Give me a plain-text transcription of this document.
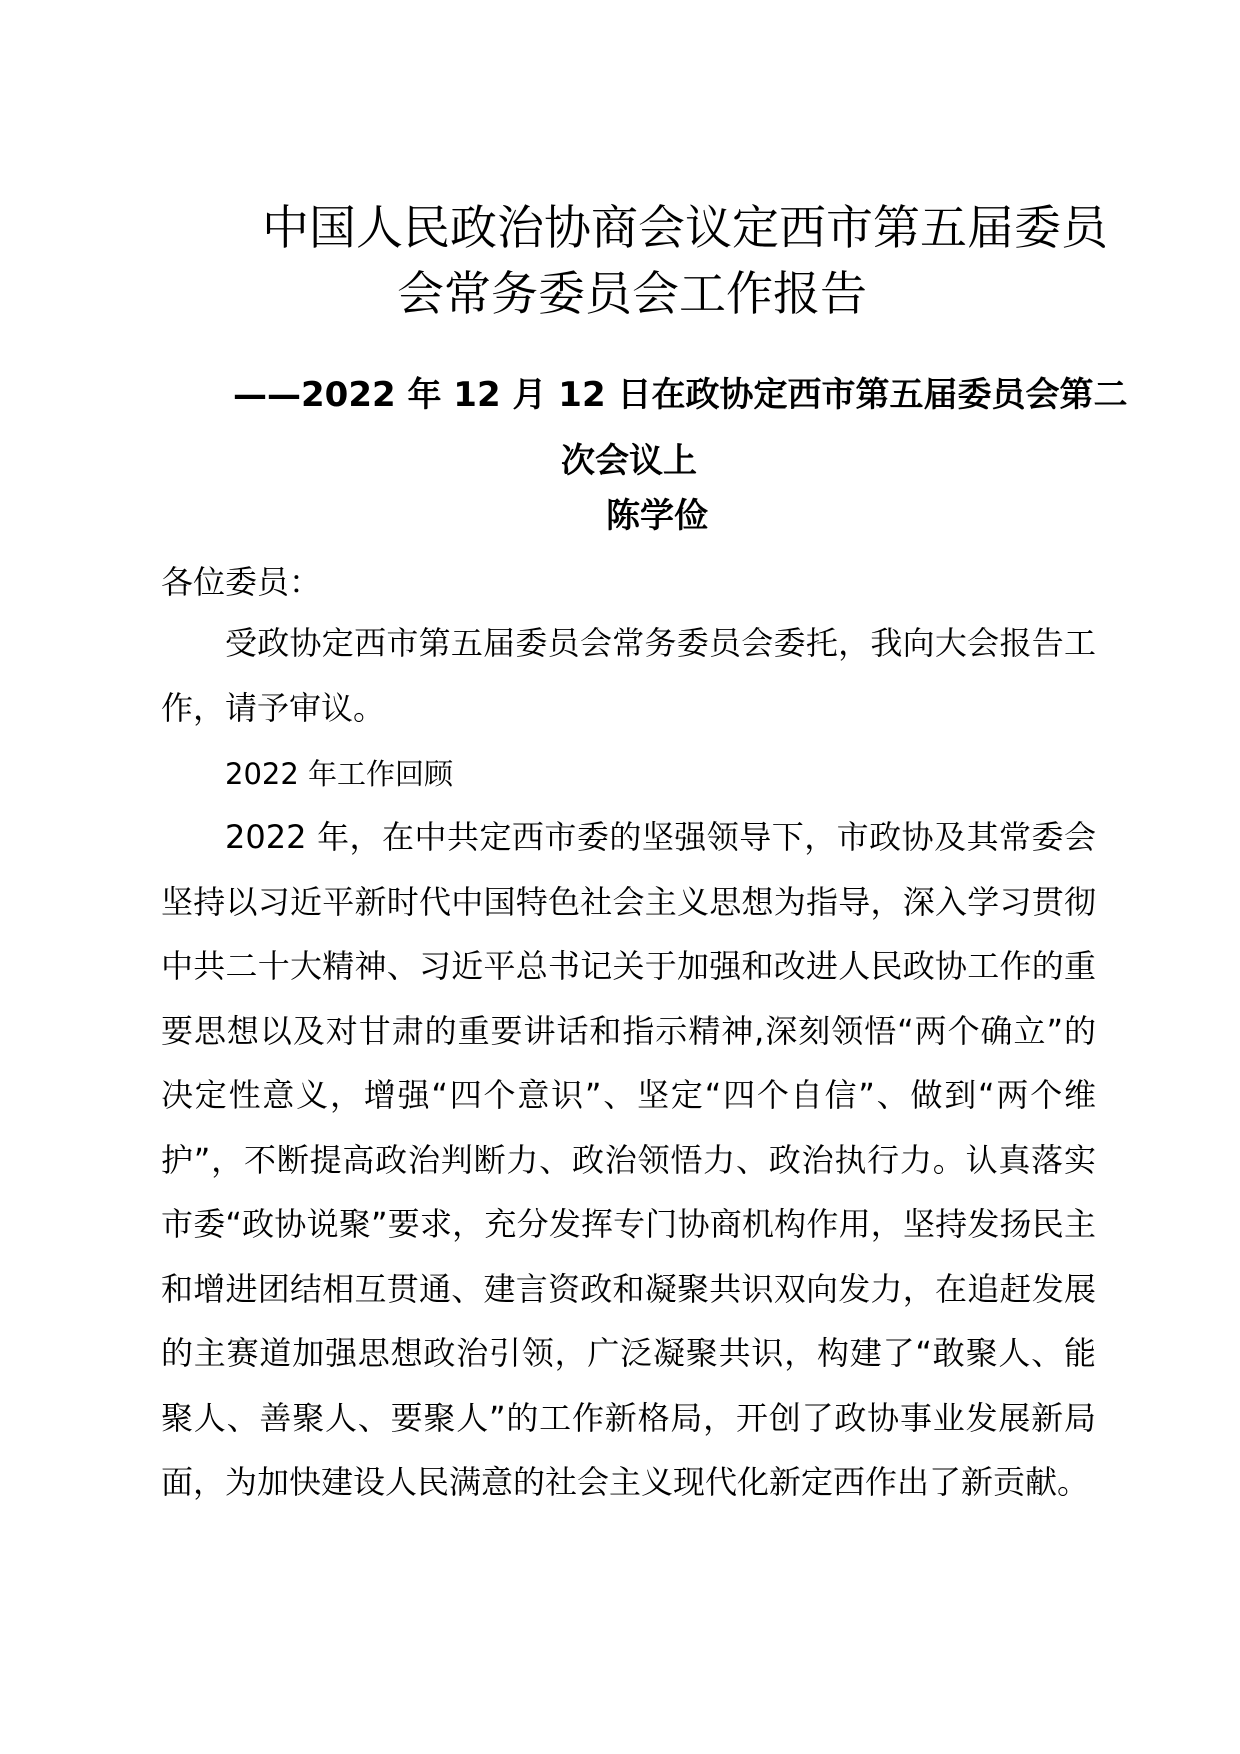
中国人民政治协商会议定西市第五届委员
会常务委员会工作报告
——2022 年 12 月 12 日在政协定西市第五届委员会第二
次会议上
陈学俭
各位委员：

受政协定西市第五届委员会常务委员会委托，我向大会报告工作，请予审议。

2022 年工作回顾

2022 年，在中共定西市委的坚强领导下，市政协及其常委会坚持以习近平新时代中国特色社会主义思想为指导，深入学习贯彻中共二十大精神、习近平总书记关于加强和改进人民政协工作的重要思想以及对甘肃的重要讲话和指示精神,深刻领悟“两个确立”的决定性意义，增强“四个意识”、坚定“四个自信”、做到“两个维护”，不断提高政治判断力、政治领悟力、政治执行力。认真落实市委“政协说聚”要求，充分发挥专门协商机构作用，坚持发扬民主和增进团结相互贯通、建言资政和凝聚共识双向发力，在追赶发展的主赛道加强思想政治引领，广泛凝聚共识，构建了“敢聚人、能聚人、善聚人、要聚人”的工作新格局，开创了政协事业发展新局面，为加快建设人民满意的社会主义现代化新定西作出了新贡献。
